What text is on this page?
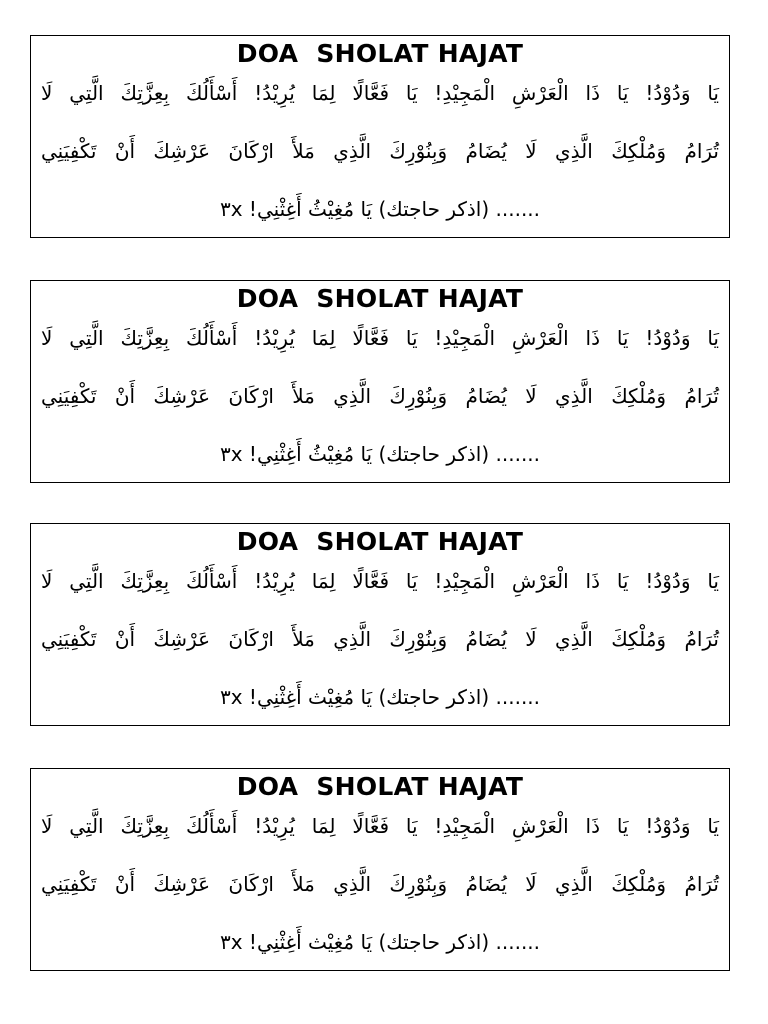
DOA  SHOLAT HAJAT
يَا وَدُوْدُ! يَا ذَا الْعَرْشِ الْمَجِيْدِ! يَا فَعَّالًا لِمَا يُرِيْدُ! أَسْأَلُكَ بِعِزَّتِكَ الَّتِي لَا
تُرَامُ وَمُلْكِكَ الَّذِي لَا يُضَامُ وَبِنُوْرِكَ الَّذِي مَلأَ ارْكَانَ عَرْشِكَ أَنْ تَكْفِيَنِي
....... (اذكر حاجتك) يَا مُغِيْثُ أَغِثْنِي! ٣x
DOA  SHOLAT HAJAT
يَا وَدُوْدُ! يَا ذَا الْعَرْشِ الْمَجِيْدِ! يَا فَعَّالًا لِمَا يُرِيْدُ! أَسْأَلُكَ بِعِزَّتِكَ الَّتِي لَا
تُرَامُ وَمُلْكِكَ الَّذِي لَا يُضَامُ وَبِنُوْرِكَ الَّذِي مَلأَ ارْكَانَ عَرْشِكَ أَنْ تَكْفِيَنِي
....... (اذكر حاجتك) يَا مُغِيْثُ أَغِثْنِي! ٣x
DOA  SHOLAT HAJAT
يَا وَدُوْدُ! يَا ذَا الْعَرْشِ الْمَجِيْدِ! يَا فَعَّالًا لِمَا يُرِيْدُ! أَسْأَلُكَ بِعِزَّتِكَ الَّتِي لَا
تُرَامُ وَمُلْكِكَ الَّذِي لَا يُضَامُ وَبِنُوْرِكَ الَّذِي مَلأَ ارْكَانَ عَرْشِكَ أَنْ تَكْفِيَنِي
....... (اذكر حاجتك) يَا مُغِيْث أَغِثْنِي! ٣x
DOA  SHOLAT HAJAT
يَا وَدُوْدُ! يَا ذَا الْعَرْشِ الْمَجِيْدِ! يَا فَعَّالًا لِمَا يُرِيْدُ! أَسْأَلُكَ بِعِزَّتِكَ الَّتِي لَا
تُرَامُ وَمُلْكِكَ الَّذِي لَا يُضَامُ وَبِنُوْرِكَ الَّذِي مَلأَ ارْكَانَ عَرْشِكَ أَنْ تَكْفِيَنِي
....... (اذكر حاجتك) يَا مُغِيْث أَغِثْنِي! ٣x
